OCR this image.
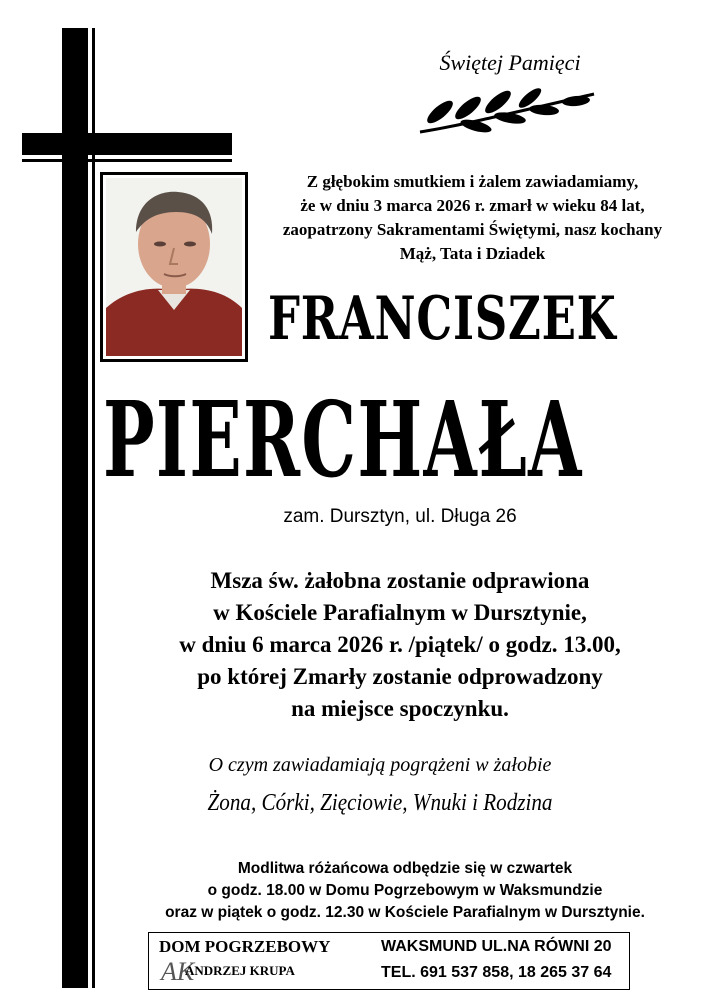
Świętej Pamięci
Z głębokim smutkiem i żalem zawiadamiamy,
że w dniu 3 marca 2026 r. zmarł w wieku 84 lat,
zaopatrzony Sakramentami Świętymi, nasz kochany
Mąż, Tata i Dziadek
FRANCISZEK
PIERCHAŁA
zam. Dursztyn, ul. Długa 26
Msza św. żałobna zostanie odprawiona
w Kościele Parafialnym w Dursztynie,
w dniu 6 marca 2026 r. /piątek/ o godz. 13.00,
po której Zmarły zostanie odprowadzony
na miejsce spoczynku.
O czym zawiadamiają pogrążeni w żałobie
Żona, Córki, Zięciowie, Wnuki i Rodzina
Modlitwa różańcowa odbędzie się w czwartek
o godz. 18.00 w Domu Pogrzebowym w Waksmundzie
oraz w piątek o godz. 12.30 w Kościele Parafialnym w Dursztynie.
DOM POGRZEBOWY
AK
ANDRZEJ KRUPA
WAKSMUND UL.NA RÓWNI 20
TEL. 691 537 858, 18 265 37 64
